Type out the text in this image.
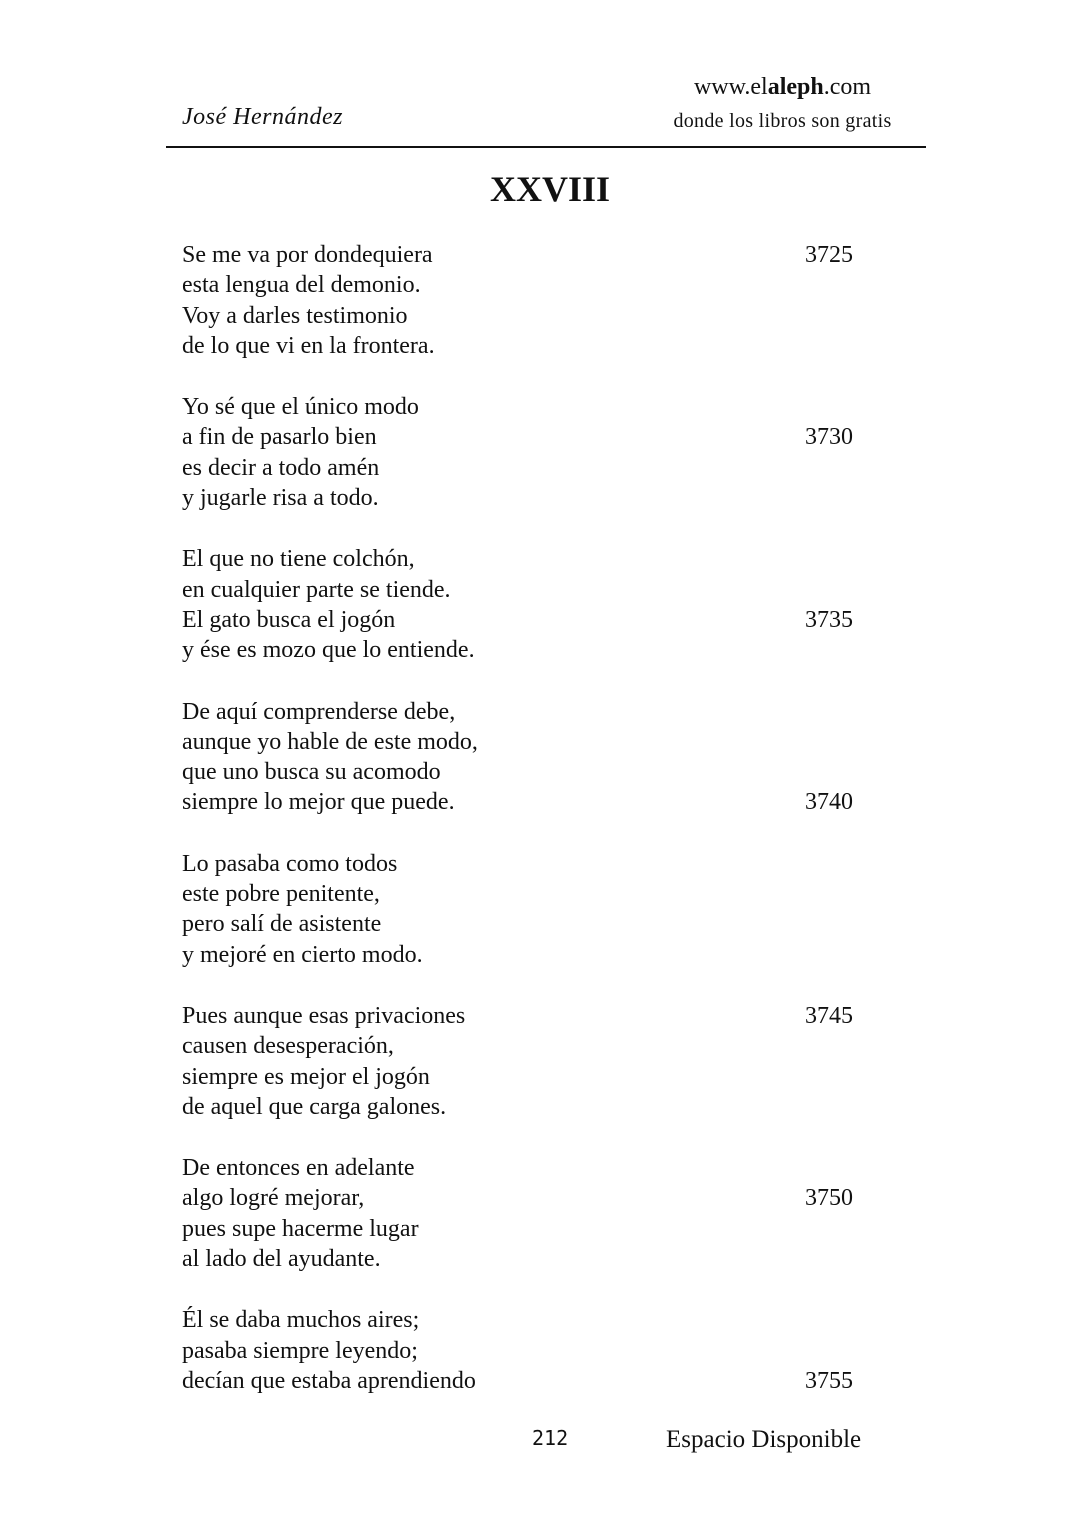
José Hernández
www.elaleph.com
donde los libros son gratis
XXVIII
Se me va por dondequiera	3725
esta lengua del demonio.
Voy a darles testimonio
de lo que vi en la frontera.
Yo sé que el único modo
a fin de pasarlo bien	3730
es decir a todo amén
y jugarle risa a todo.
El que no tiene colchón,
en cualquier parte se tiende.
El gato busca el jogón	3735
y ése es mozo que lo entiende.
De aquí comprenderse debe,
aunque yo hable de este modo,
que uno busca su acomodo
siempre lo mejor que puede.	3740
Lo pasaba como todos
este pobre penitente,
pero salí de asistente
y mejoré en cierto modo.
Pues aunque esas privaciones	3745
causen desesperación,
siempre es mejor el jogón
de aquel que carga galones.
De entonces en adelante
algo logré mejorar,	3750
pues supe hacerme lugar
al lado del ayudante.
Él se daba muchos aires;
pasaba siempre leyendo;
decían que estaba aprendiendo	3755
212	Espacio Disponible
